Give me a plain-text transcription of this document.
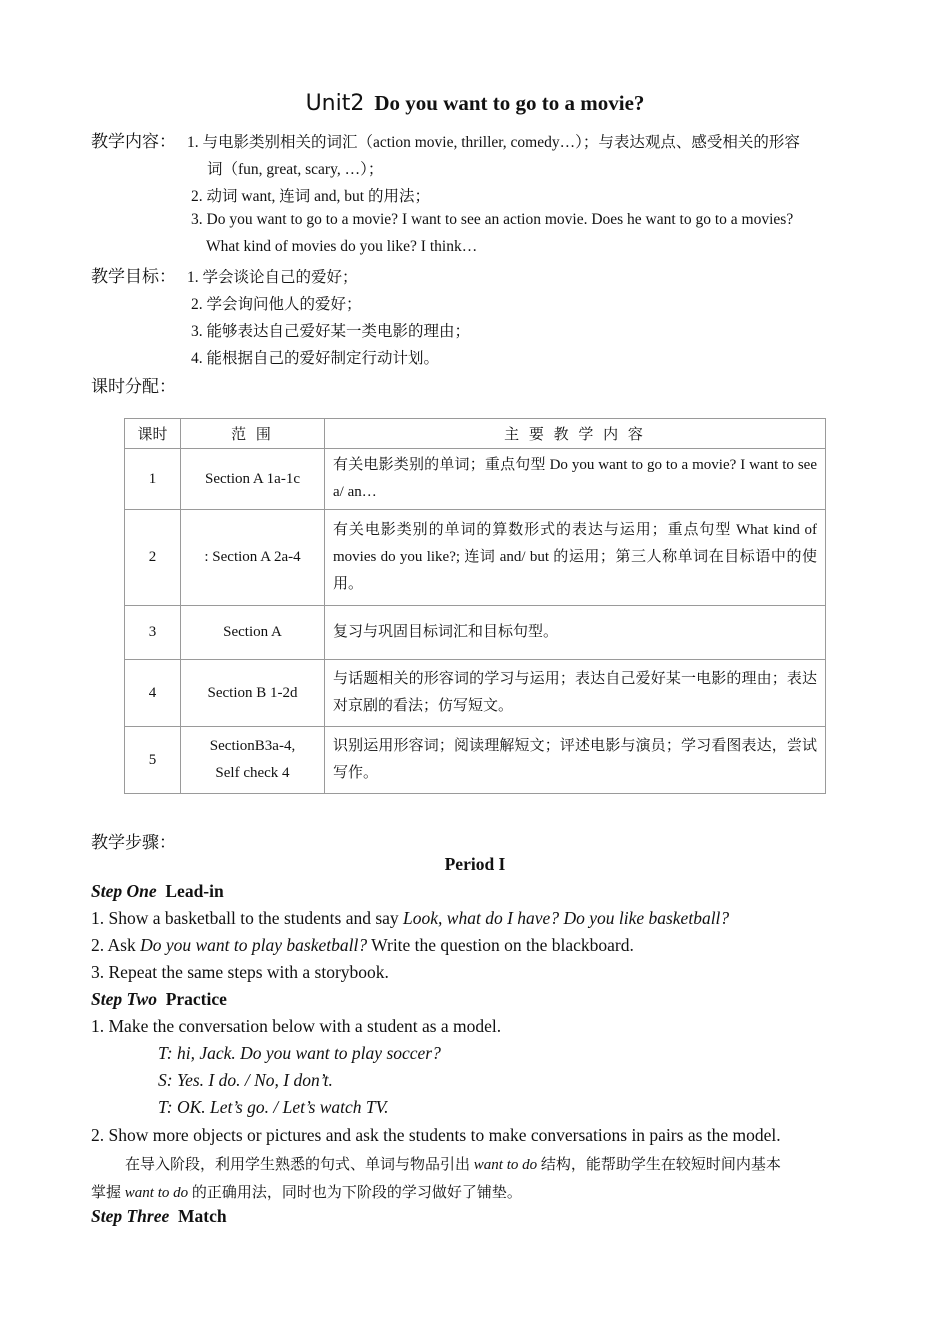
Unit2 Do you want to go to a movie?
教学内容： 1. 与电影类别相关的词汇（action movie, thriller, comedy…）；与表达观点、感受相关的形容
词（fun, great, scary, …）；
2. 动词 want, 连词 and, but 的用法；
3. Do you want to go to a movie? I want to see an action movie. Does he want to go to a movies?
What kind of movies do you like? I think…
教学目标： 1. 学会谈论自己的爱好；
2. 学会询问他人的爱好；
3. 能够表达自己爱好某一类电影的理由；
4. 能根据自己的爱好制定行动计划。
课时分配：
课时	范 围	主 要 教 学 内 容
1	Section A 1a-1c	有关电影类别的单词；重点句型 Do you want to go to a movie? I want to see a/ an…
2	: Section A 2a-4	有关电影类别的单词的算数形式的表达与运用；重点句型 What kind of movies do you like?; 连词 and/ but 的运用；第三人称单词在目标语中的使用。
3	Section A	复习与巩固目标词汇和目标句型。
4	Section B 1-2d	与话题相关的形容词的学习与运用；表达自己爱好某一电影的理由；表达对京剧的看法；仿写短文。
5	SectionB3a-4,
Self check 4	识别运用形容词；阅读理解短文；评述电影与演员；学习看图表达，尝试写作。
教学步骤：
Period I
Step One Lead-in
1. Show a basketball to the students and say Look, what do I have? Do you like basketball?
2. Ask Do you want to play basketball? Write the question on the blackboard.
3. Repeat the same steps with a storybook.
Step Two Practice
1. Make the conversation below with a student as a model.
T: hi, Jack. Do you want to play soccer?
S: Yes. I do. / No, I don’t.
T: OK. Let’s go. / Let’s watch TV.
2. Show more objects or pictures and ask the students to make conversations in pairs as the model.
在导入阶段，利用学生熟悉的句式、单词与物品引出 want to do 结构，能帮助学生在较短时间内基本
掌握 want to do 的正确用法，同时也为下阶段的学习做好了铺垫。
Step Three Match
